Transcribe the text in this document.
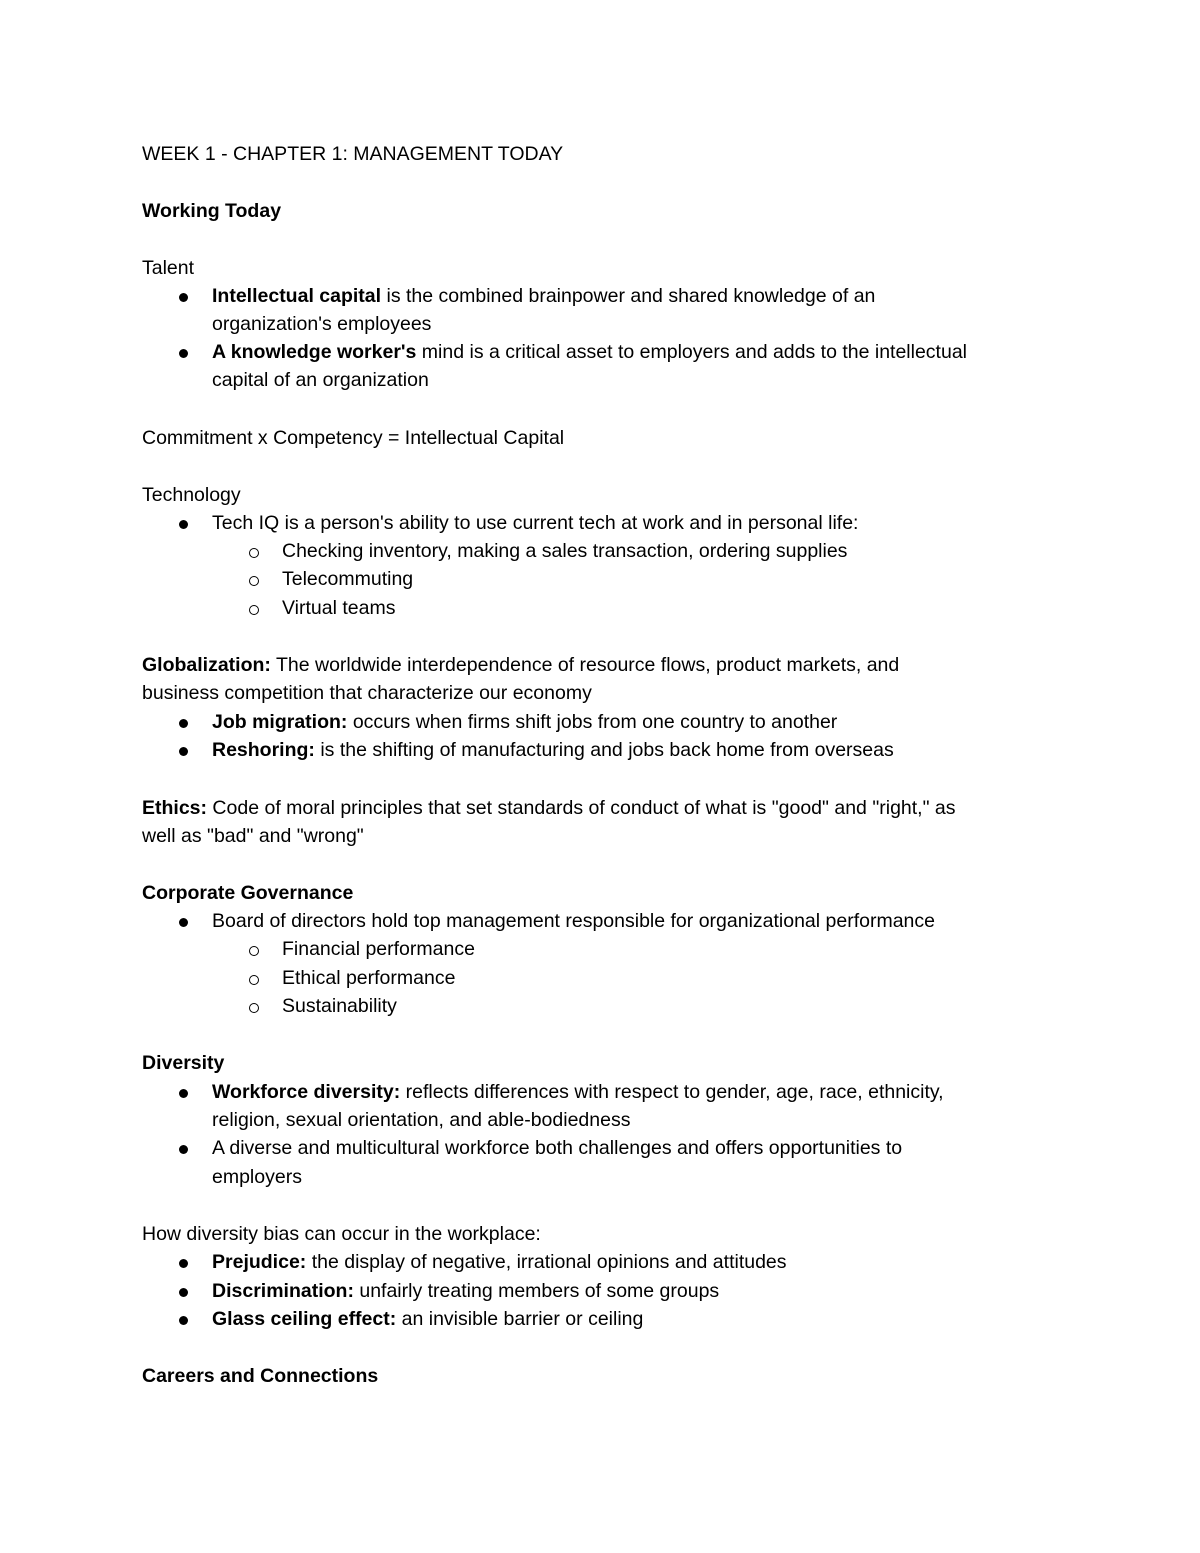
WEEK 1 - CHAPTER 1: MANAGEMENT TODAY
Working Today
Talent
Intellectual capital is the combined brainpower and shared knowledge of an
organization's employees
A knowledge worker's mind is a critical asset to employers and adds to the intellectual
capital of an organization
Commitment x Competency = Intellectual Capital
Technology
Tech IQ is a person's ability to use current tech at work and in personal life:
Checking inventory, making a sales transaction, ordering supplies
Telecommuting
Virtual teams
Globalization: The worldwide interdependence of resource flows, product markets, and
business competition that characterize our economy
Job migration: occurs when firms shift jobs from one country to another
Reshoring: is the shifting of manufacturing and jobs back home from overseas
Ethics: Code of moral principles that set standards of conduct of what is "good" and "right," as
well as "bad" and "wrong"
Corporate Governance
Board of directors hold top management responsible for organizational performance
Financial performance
Ethical performance
Sustainability
Diversity
Workforce diversity: reflects differences with respect to gender, age, race, ethnicity,
religion, sexual orientation, and able-bodiedness
A diverse and multicultural workforce both challenges and offers opportunities to
employers
How diversity bias can occur in the workplace:
Prejudice: the display of negative, irrational opinions and attitudes
Discrimination: unfairly treating members of some groups
Glass ceiling effect: an invisible barrier or ceiling
Careers and Connections
